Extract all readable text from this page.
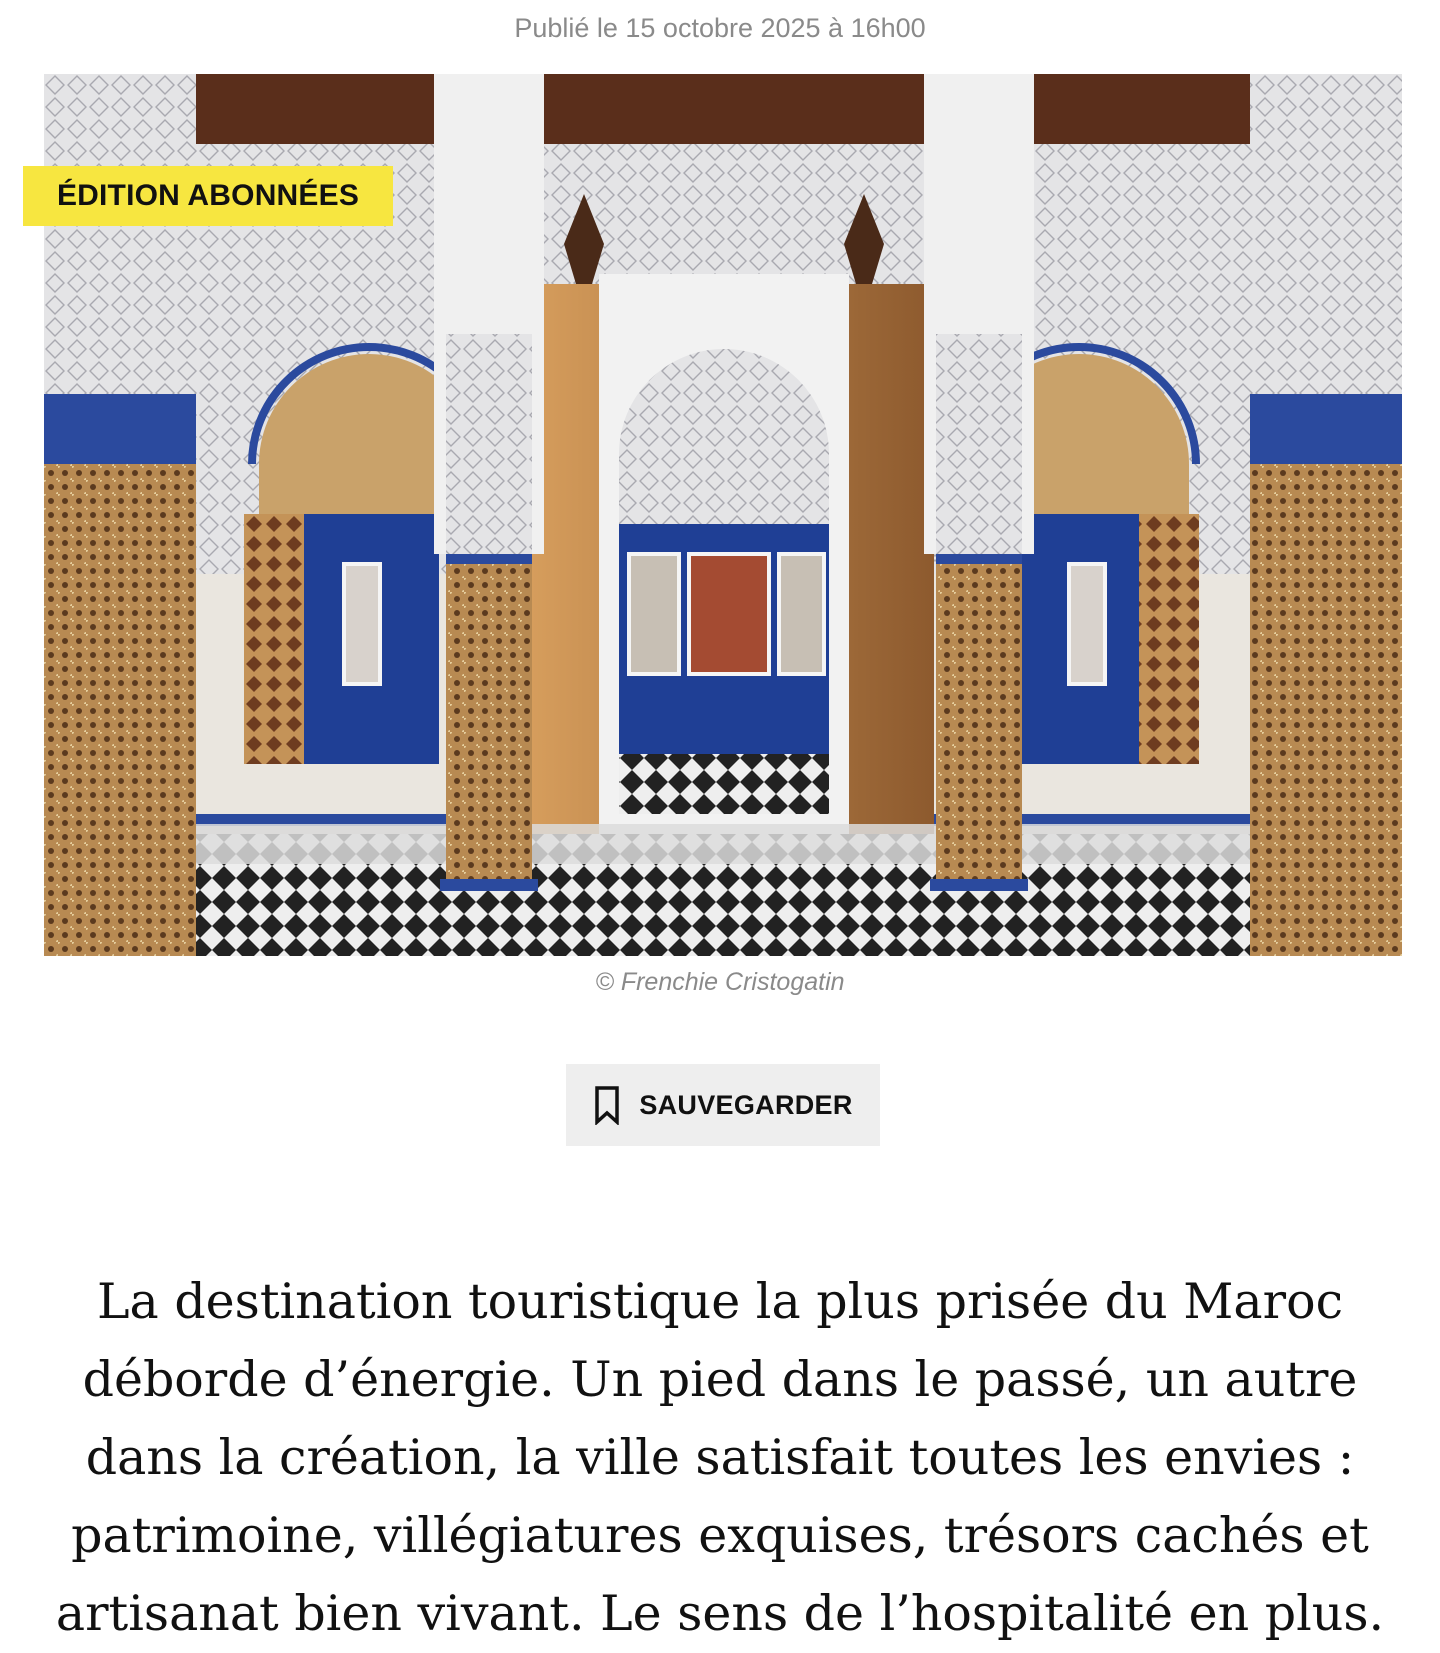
Publié le 15 octobre 2025 à 16h00
ÉDITION ABONNÉES
© Frenchie Cristogatin
SAUVEGARDER

La destination touristique la plus prisée du Maroc déborde d’énergie. Un pied dans le passé, un autre dans la création, la ville satisfait toutes les envies : patrimoine, villégiatures exquises, trésors cachés et artisanat bien vivant. Le sens de l’hospitalité en plus.
